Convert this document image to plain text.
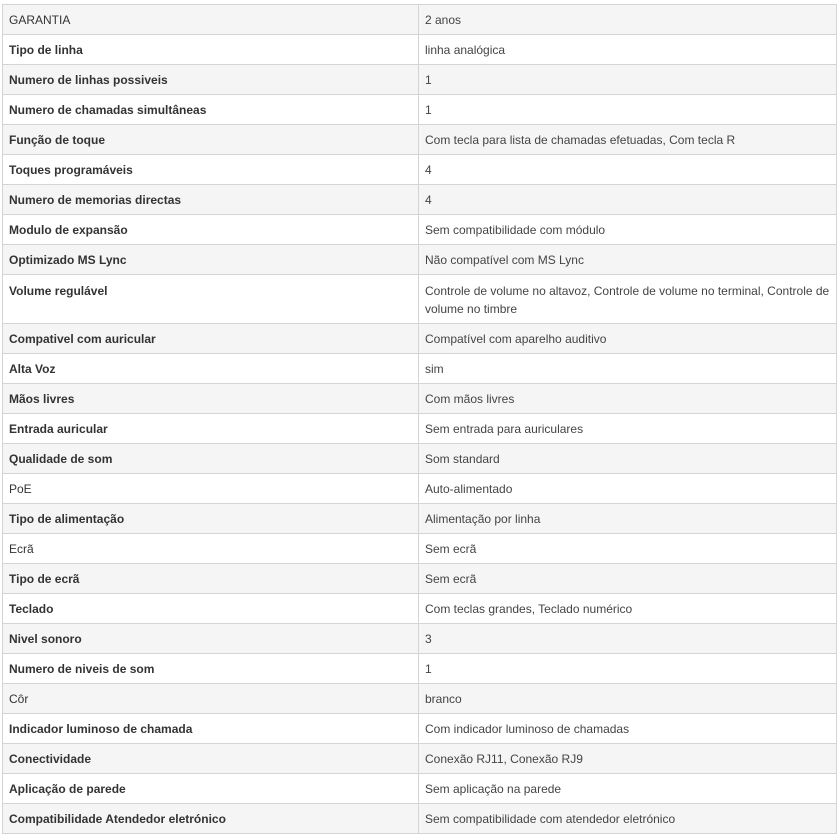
GARANTIA	2 anos
Tipo de linha	linha analógica
Numero de linhas possiveis	1
Numero de chamadas simultâneas	1
Função de toque	Com tecla para lista de chamadas efetuadas, Com tecla R
Toques programáveis	4
Numero de memorias directas	4
Modulo de expansão	Sem compatibilidade com módulo
Optimizado MS Lync	Não compatível com MS Lync
Volume regulável	Controle de volume no altavoz, Controle de volume no terminal, Controle de volume no timbre
Compativel com auricular	Compatível com aparelho auditivo
Alta Voz	sim
Mãos livres	Com mãos livres
Entrada auricular	Sem entrada para auriculares
Qualidade de som	Som standard
PoE	Auto-alimentado
Tipo de alimentação	Alimentação por linha
Ecrã	Sem ecrã
Tipo de ecrã	Sem ecrã
Teclado	Com teclas grandes, Teclado numérico
Nivel sonoro	3
Numero de niveis de som	1
Côr	branco
Indicador luminoso de chamada	Com indicador luminoso de chamadas
Conectividade	Conexão RJ11, Conexão RJ9
Aplicação de parede	Sem aplicação na parede
Compatibilidade Atendedor eletrónico	Sem compatibilidade com atendedor eletrónico
